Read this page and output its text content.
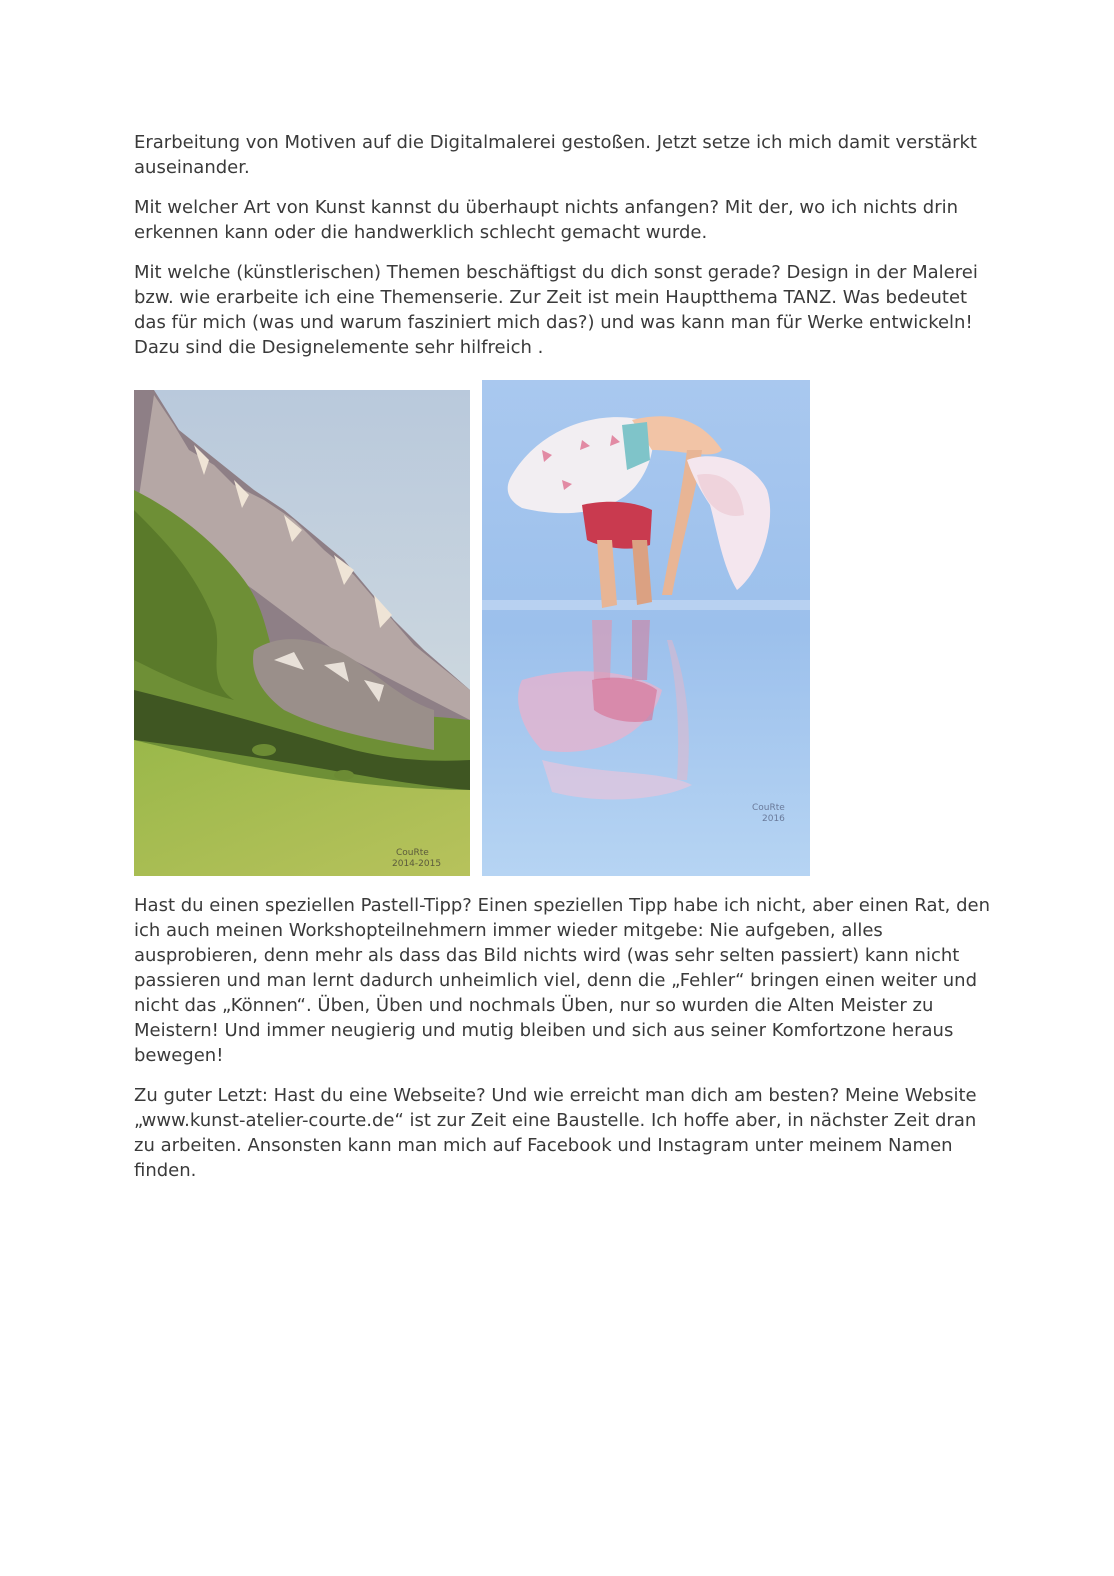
Erarbeitung von Motiven auf die Digitalmalerei gestoßen. Jetzt setze ich mich damit verstärkt auseinander.

Mit welcher Art von Kunst kannst du überhaupt nichts anfangen? Mit der, wo ich nichts drin erkennen kann oder die handwerklich schlecht gemacht wurde.

Mit welche (künstlerischen) Themen beschäftigst du dich sonst gerade? Design in der Malerei bzw. wie erarbeite ich eine Themenserie. Zur Zeit ist mein Hauptthema TANZ. Was bedeutet das für mich (was und warum fasziniert mich das?) und was kann man für Werke entwickeln! Dazu sind die Designelemente sehr hilfreich .

CouRte
2014-2015
CouRte
2016

Hast du einen speziellen Pastell-Tipp? Einen speziellen Tipp habe ich nicht, aber einen Rat, den ich auch meinen Workshopteilnehmern immer wieder mitgebe: Nie aufgeben, alles ausprobieren, denn mehr als dass das Bild nichts wird (was sehr selten passiert) kann nicht passieren und man lernt dadurch unheimlich viel, denn die „Fehler“ bringen einen weiter und nicht das „Können“. Üben, Üben und nochmals Üben, nur so wurden die Alten Meister zu Meistern! Und immer neugierig und mutig bleiben und sich aus seiner Komfortzone heraus bewegen!

Zu guter Letzt: Hast du eine Webseite? Und wie erreicht man dich am besten? Meine Website „www.kunst-atelier-courte.de“ ist zur Zeit eine Baustelle. Ich hoffe aber, in nächster Zeit dran zu arbeiten. Ansonsten kann man mich auf Facebook und Instagram unter meinem Namen finden.
